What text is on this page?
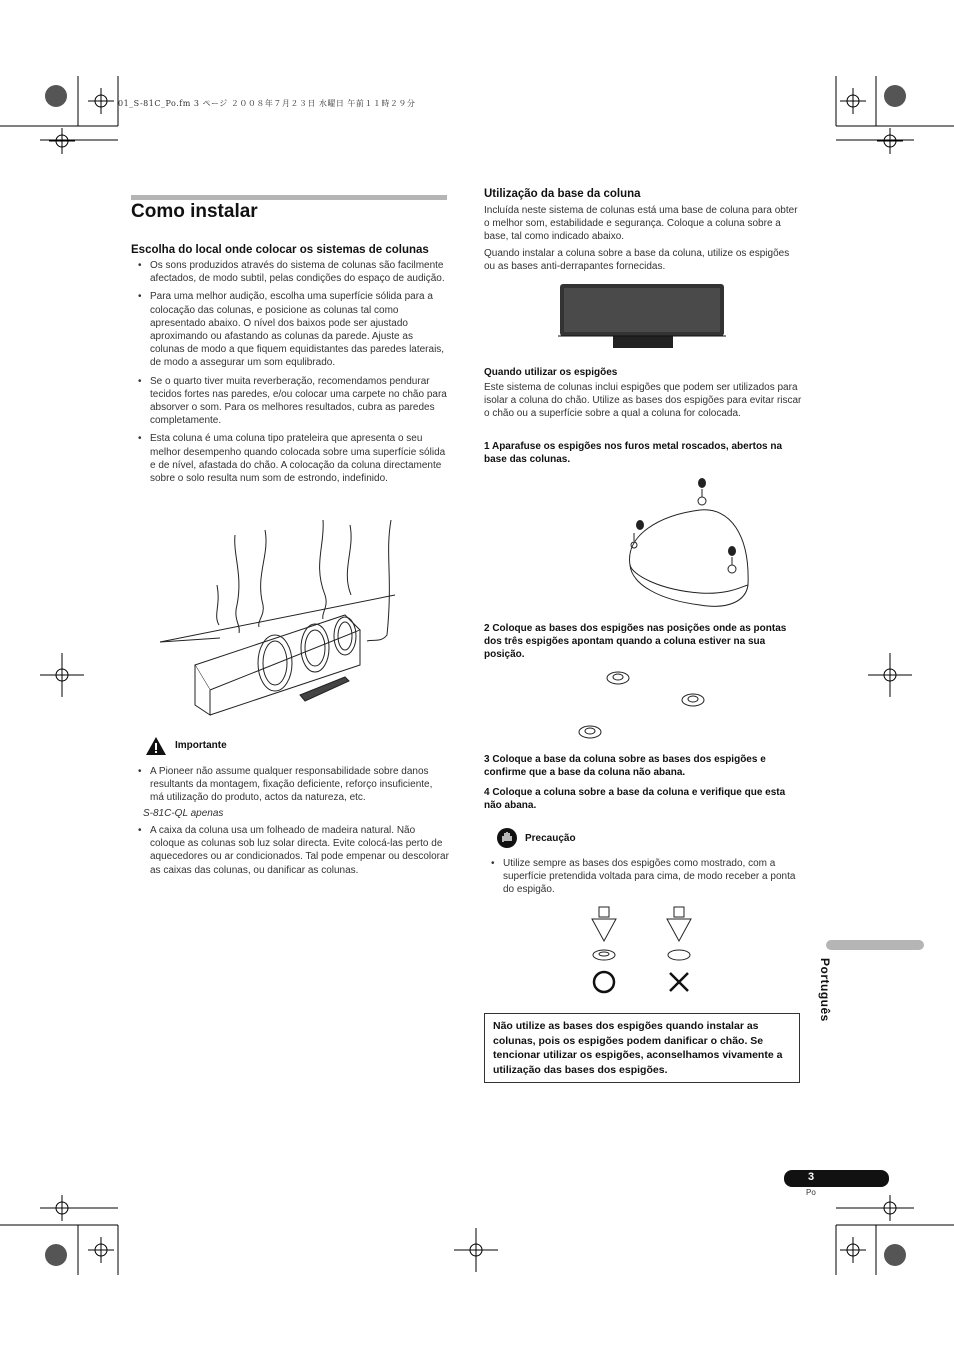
01_S-81C_Po.fm 3 ページ ２００８年７月２３日 水曜日 午前１１時２９分
Como instalar
Escolha do local onde colocar os sistemas de colunas
• Os sons produzidos através do sistema de colunas são facilmente afectados, de modo subtil, pelas condições do espaço de audição.
• Para uma melhor audição, escolha uma superfície sólida para a colocação das colunas, e posicione as colunas tal como apresentado abaixo. O nível dos baixos pode ser ajustado aproximando ou afastando as colunas da parede. Ajuste as colunas de modo a que fiquem equidistantes das paredes laterais, de modo a assegurar um som equlibrado.
• Se o quarto tiver muita reverberação, recomendamos pendurar tecidos fortes nas paredes, e/ou colocar uma carpete no chão para absorver o som. Para os melhores resultados, cubra as paredes completamente.
• Esta coluna é uma coluna tipo prateleira que apresenta o seu melhor desempenho quando colocada sobre uma superfície sólida e de nível, afastada do chão. A colocação da coluna directamente sobre o solo resulta num som de estrondo, indefinido.
Importante
• A Pioneer não assume qualquer responsabilidade sobre danos resultants da montagem, fixação deficiente, reforço insuficiente, má utilização do produto, actos da natureza, etc.
S-81C-QL apenas
• A caixa da coluna usa um folheado de madeira natural. Não coloque as colunas sob luz solar directa. Evite colocá-las perto de aquecedores ou ar condicionados. Tal pode empenar ou descolorar as caixas das colunas, ou danificar as colunas.
Utilização da base da coluna
Incluída neste sistema de colunas está uma base de coluna para obter o melhor som, estabilidade e segurança. Coloque a coluna sobre a base, tal como indicado abaixo.
Quando instalar a coluna sobre a base da coluna, utilize os espigões ou as bases anti-derrapantes fornecidas.
Quando utilizar os espigões
Este sistema de colunas inclui espigões que podem ser utilizados para isolar a coluna do chão. Utilize as bases dos espigões para evitar riscar o chão ou a superfície sobre a qual a coluna for colocada.
1 Aparafuse os espigões nos furos metal roscados, abertos na base das colunas.
2 Coloque as bases dos espigões nas posições onde as pontas dos três espigões apontam quando a coluna estiver na sua posição.
3 Coloque a base da coluna sobre as bases dos espigões e confirme que a base da coluna não abana.
4 Coloque a coluna sobre a base da coluna e verifique que esta não abana.
Precaução
• Utilize sempre as bases dos espigões como mostrado, com a superfície pretendida voltada para cima, de modo receber a ponta do espigão.
Não utilize as bases dos espigões quando instalar as colunas, pois os espigões podem danificar o chão. Se tencionar utilizar os espigões, aconselhamos vivamente a utilização das bases dos espigões.
Português
3
Po
